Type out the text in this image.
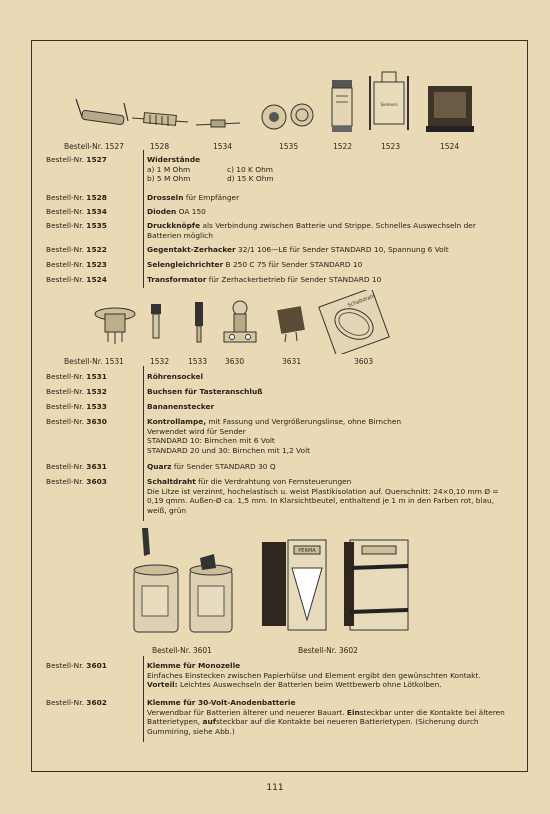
Siemens
Bestell-Nr. 1527	1528	1534	1535	1522	1523	1524
Bestell-Nr. 1527	Widerstände
a) 1 M Ohm	c) 10 K Ohm
b) 5 M Ohm	d) 15 K Ohm
Bestell-Nr. 1528	Drosseln für Empfänger
Bestell-Nr. 1534	Dioden OA 150
Bestell-Nr. 1535	Druckknöpfe als Verbindung zwischen Batterie und Strippe. Schnelles Auswechseln der Batterien möglich
Bestell-Nr. 1522	Gegentakt-Zerhacker 32/1 106—LE für Sender STANDARD 10, Spannung 6 Volt
Bestell-Nr. 1523	Selengleichrichter B 250 C 75 für Sender STANDARD 10
Bestell-Nr. 1524	Transformator für Zerhackerbetrieb für Sender STANDARD 10
Schaltdraht
Bestell-Nr. 1531	1532	1533 3630	3631	3603
Bestell-Nr. 1531	Röhrensockel
Bestell-Nr. 1532	Buchsen für Tasteranschluß
Bestell-Nr. 1533	Bananenstecker
Bestell-Nr. 3630	Kontrollampe, mit Fassung und Vergrößerungslinse, ohne Birnchen
Verwendet wird für Sender
STANDARD 10: Birnchen mit 6 Volt
STANDARD 20 und 30: Birnchen mit 1,2 Volt
Bestell-Nr. 3631	Quarz für Sender STANDARD 30 Q
Bestell-Nr. 3603	Schaltdraht für die Verdrahtung von Fernsteuerungen
Die Litze ist verzinnt, hochelastisch u. weist Plastikisolation auf. Querschnitt: 24×0,10 mm Ø = 0,19 qmm. Außen-Ø ca. 1,5 mm. In Klarsichtbeutel, enthaltend je 1 m in den Farben rot, blau, weiß, grün
PERMA
Bestell-Nr. 3601	Bestell-Nr. 3602
Bestell-Nr. 3601	Klemme für Monozelle
Einfaches Einstecken zwischen Papierhülse und Element ergibt den gewünschten Kontakt.
Vorteil: Leichtes Auswechseln der Batterien beim Wettbewerb ohne Lötkolben.
Bestell-Nr. 3602	Klemme für 30-Volt-Anodenbatterie
Verwendbar für Batterien älterer und neuerer Bauart. Einsteckbar unter die Kontakte bei älteren Batterietypen, aufsteckbar auf die Kontakte bei neueren Batterietypen. (Sicherung durch Gummiring, siehe Abb.)
111
